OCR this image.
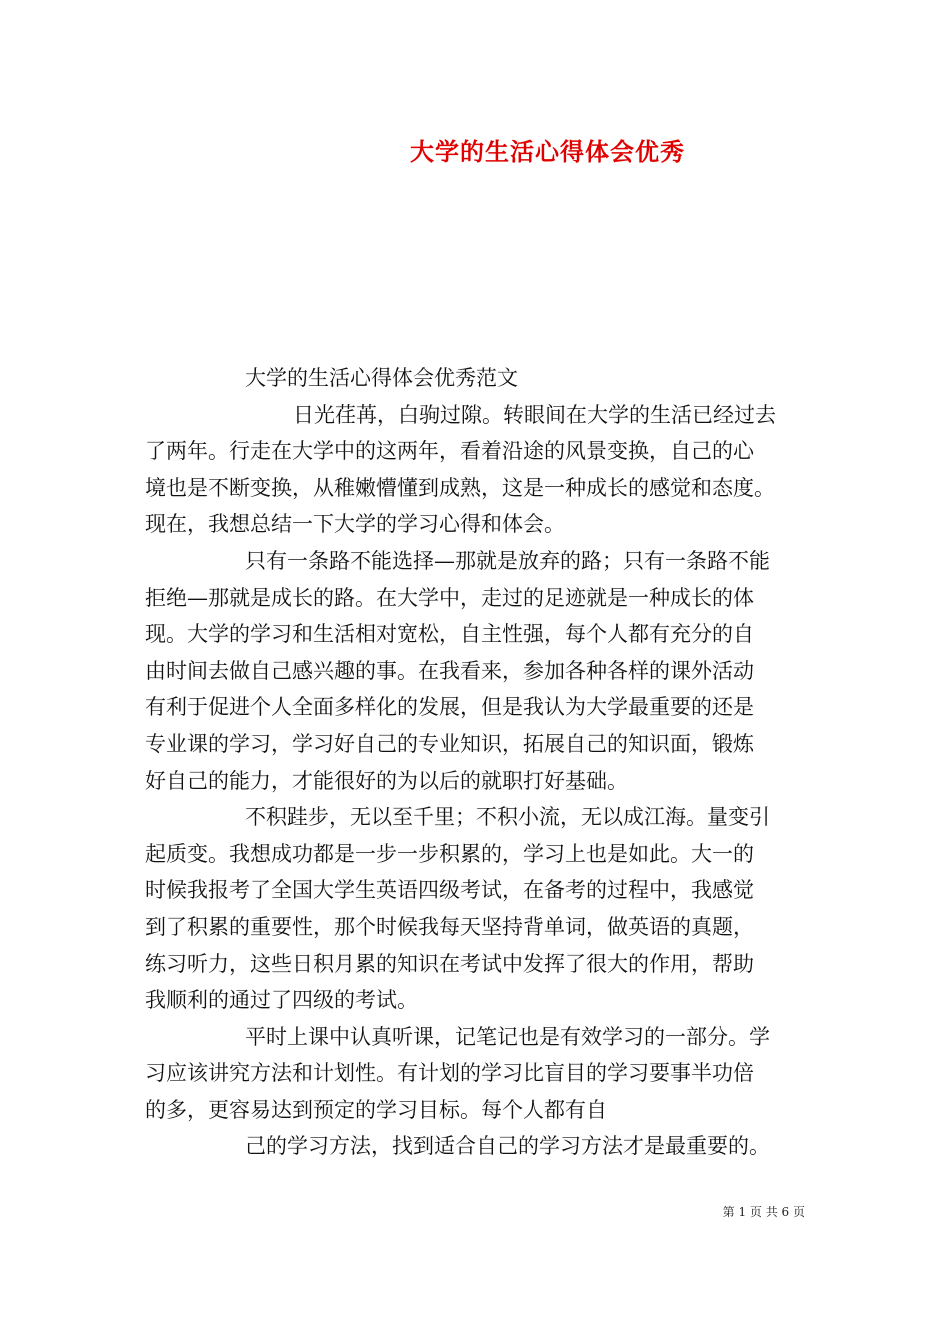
大学的生活心得体会优秀
大学的生活心得体会优秀范文
日光荏苒，白驹过隙。转眼间在大学的生活已经过去
了两年。行走在大学中的这两年，看着沿途的风景变换，自己的心
境也是不断变换，从稚嫩懵懂到成熟，这是一种成长的感觉和态度。
现在，我想总结一下大学的学习心得和体会。
只有一条路不能选择—那就是放弃的路；只有一条路不能
拒绝—那就是成长的路。在大学中，走过的足迹就是一种成长的体
现。大学的学习和生活相对宽松，自主性强，每个人都有充分的自
由时间去做自己感兴趣的事。在我看来，参加各种各样的课外活动
有利于促进个人全面多样化的发展，但是我认为大学最重要的还是
专业课的学习，学习好自己的专业知识，拓展自己的知识面，锻炼
好自己的能力，才能很好的为以后的就职打好基础。
不积跬步，无以至千里；不积小流，无以成江海。量变引
起质变。我想成功都是一步一步积累的，学习上也是如此。大一的
时候我报考了全国大学生英语四级考试，在备考的过程中，我感觉
到了积累的重要性，那个时候我每天坚持背单词，做英语的真题，
练习听力，这些日积月累的知识在考试中发挥了很大的作用，帮助
我顺利的通过了四级的考试。
平时上课中认真听课，记笔记也是有效学习的一部分。学
习应该讲究方法和计划性。有计划的学习比盲目的学习要事半功倍
的多，更容易达到预定的学习目标。每个人都有自
己的学习方法，找到适合自己的学习方法才是最重要的。
第 1 页 共 6 页
